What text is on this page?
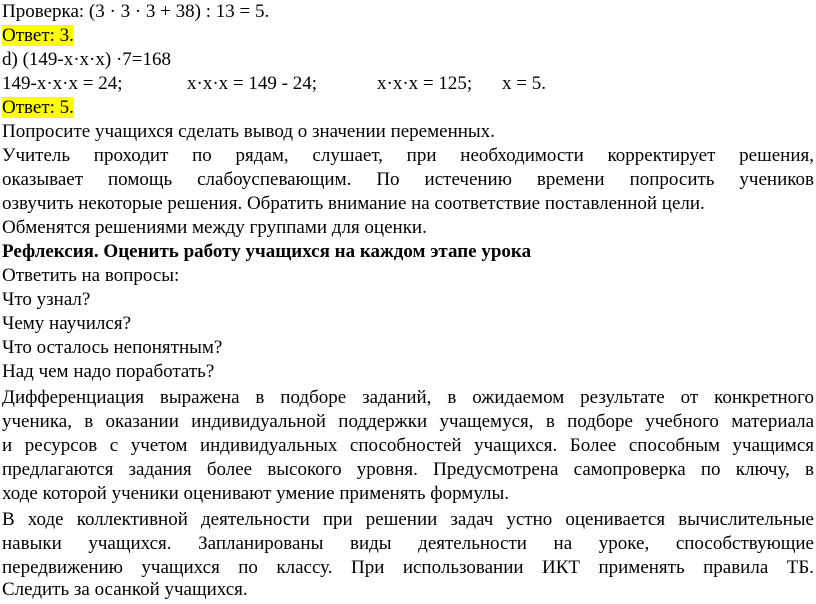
Проверка: (3 · 3 · 3 + 38) : 13 = 5.
Ответ: 3.
d) (149-x·x·x) ·7=168
149-x·x·x = 24;	x·x·x = 149 - 24;	x·x·x = 125; x = 5.
Ответ: 5.
Попросите учащихся сделать вывод о значении переменных.
Учитель проходит по рядам, слушает, при необходимости корректирует решения,
оказывает помощь слабоуспевающим. По истечению времени попросить учеников
озвучить некоторые решения. Обратить внимание на соответствие поставленной цели.
Обменятся решениями между группами для оценки.
Рефлексия. Оценить работу учащихся на каждом этапе урока
Ответить на вопросы:
Что узнал?
Чему научился?
Что осталось непонятным?
Над чем надо поработать?
Дифференциация выражена в подборе заданий, в ожидаемом результате от конкретного
ученика, в оказании индивидуальной поддержки учащемуся, в подборе учебного материала
и ресурсов с учетом индивидуальных способностей учащихся. Более способным учащимся
предлагаются задания более высокого уровня. Предусмотрена самопроверка по ключу, в
ходе которой ученики оценивают умение применять формулы.
В ходе коллективной деятельности при решении задач устно оценивается вычислительные
навыки учащихся. Запланированы виды деятельности на уроке, способствующие
передвижению учащихся по классу. При использовании ИКТ применять правила ТБ.
Следить за осанкой учащихся.
